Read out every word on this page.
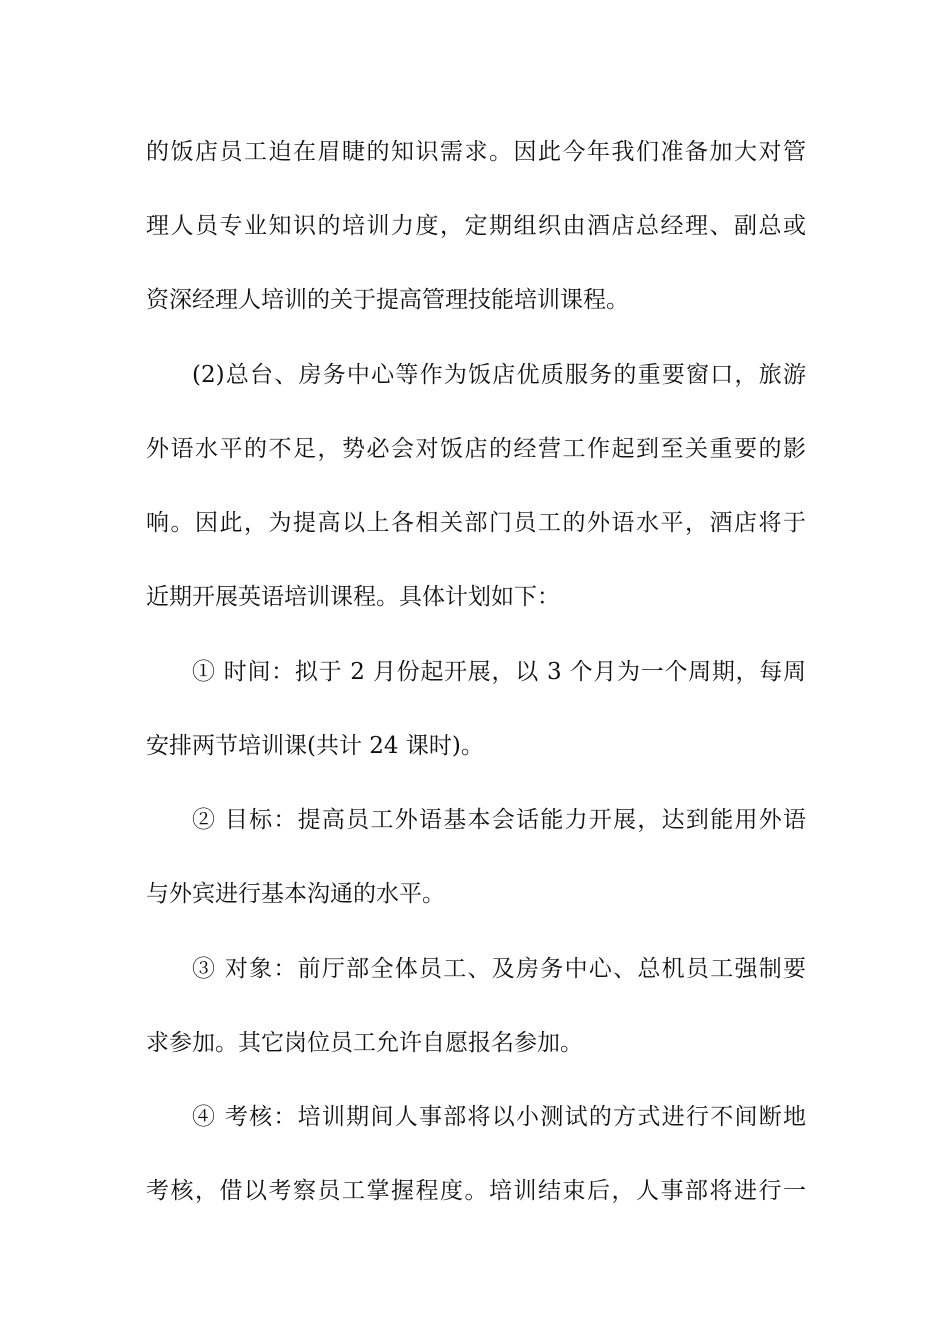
的饭店员工迫在眉睫的知识需求。因此今年我们准备加大对管
理人员专业知识的培训力度，定期组织由酒店总经理、副总或
资深经理人培训的关于提高管理技能培训课程。
(2)总台、房务中心等作为饭店优质服务的重要窗口，旅游
外语水平的不足，势必会对饭店的经营工作起到至关重要的影
响。因此，为提高以上各相关部门员工的外语水平，酒店将于
近期开展英语培训课程。具体计划如下：
① 时间：拟于 2 月份起开展，以 3 个月为一个周期，每周
安排两节培训课(共计 24 课时)。
② 目标：提高员工外语基本会话能力开展，达到能用外语
与外宾进行基本沟通的水平。
③ 对象：前厅部全体员工、及房务中心、总机员工强制要
求参加。其它岗位员工允许自愿报名参加。
④ 考核：培训期间人事部将以小测试的方式进行不间断地
考核，借以考察员工掌握程度。培训结束后，人事部将进行一
